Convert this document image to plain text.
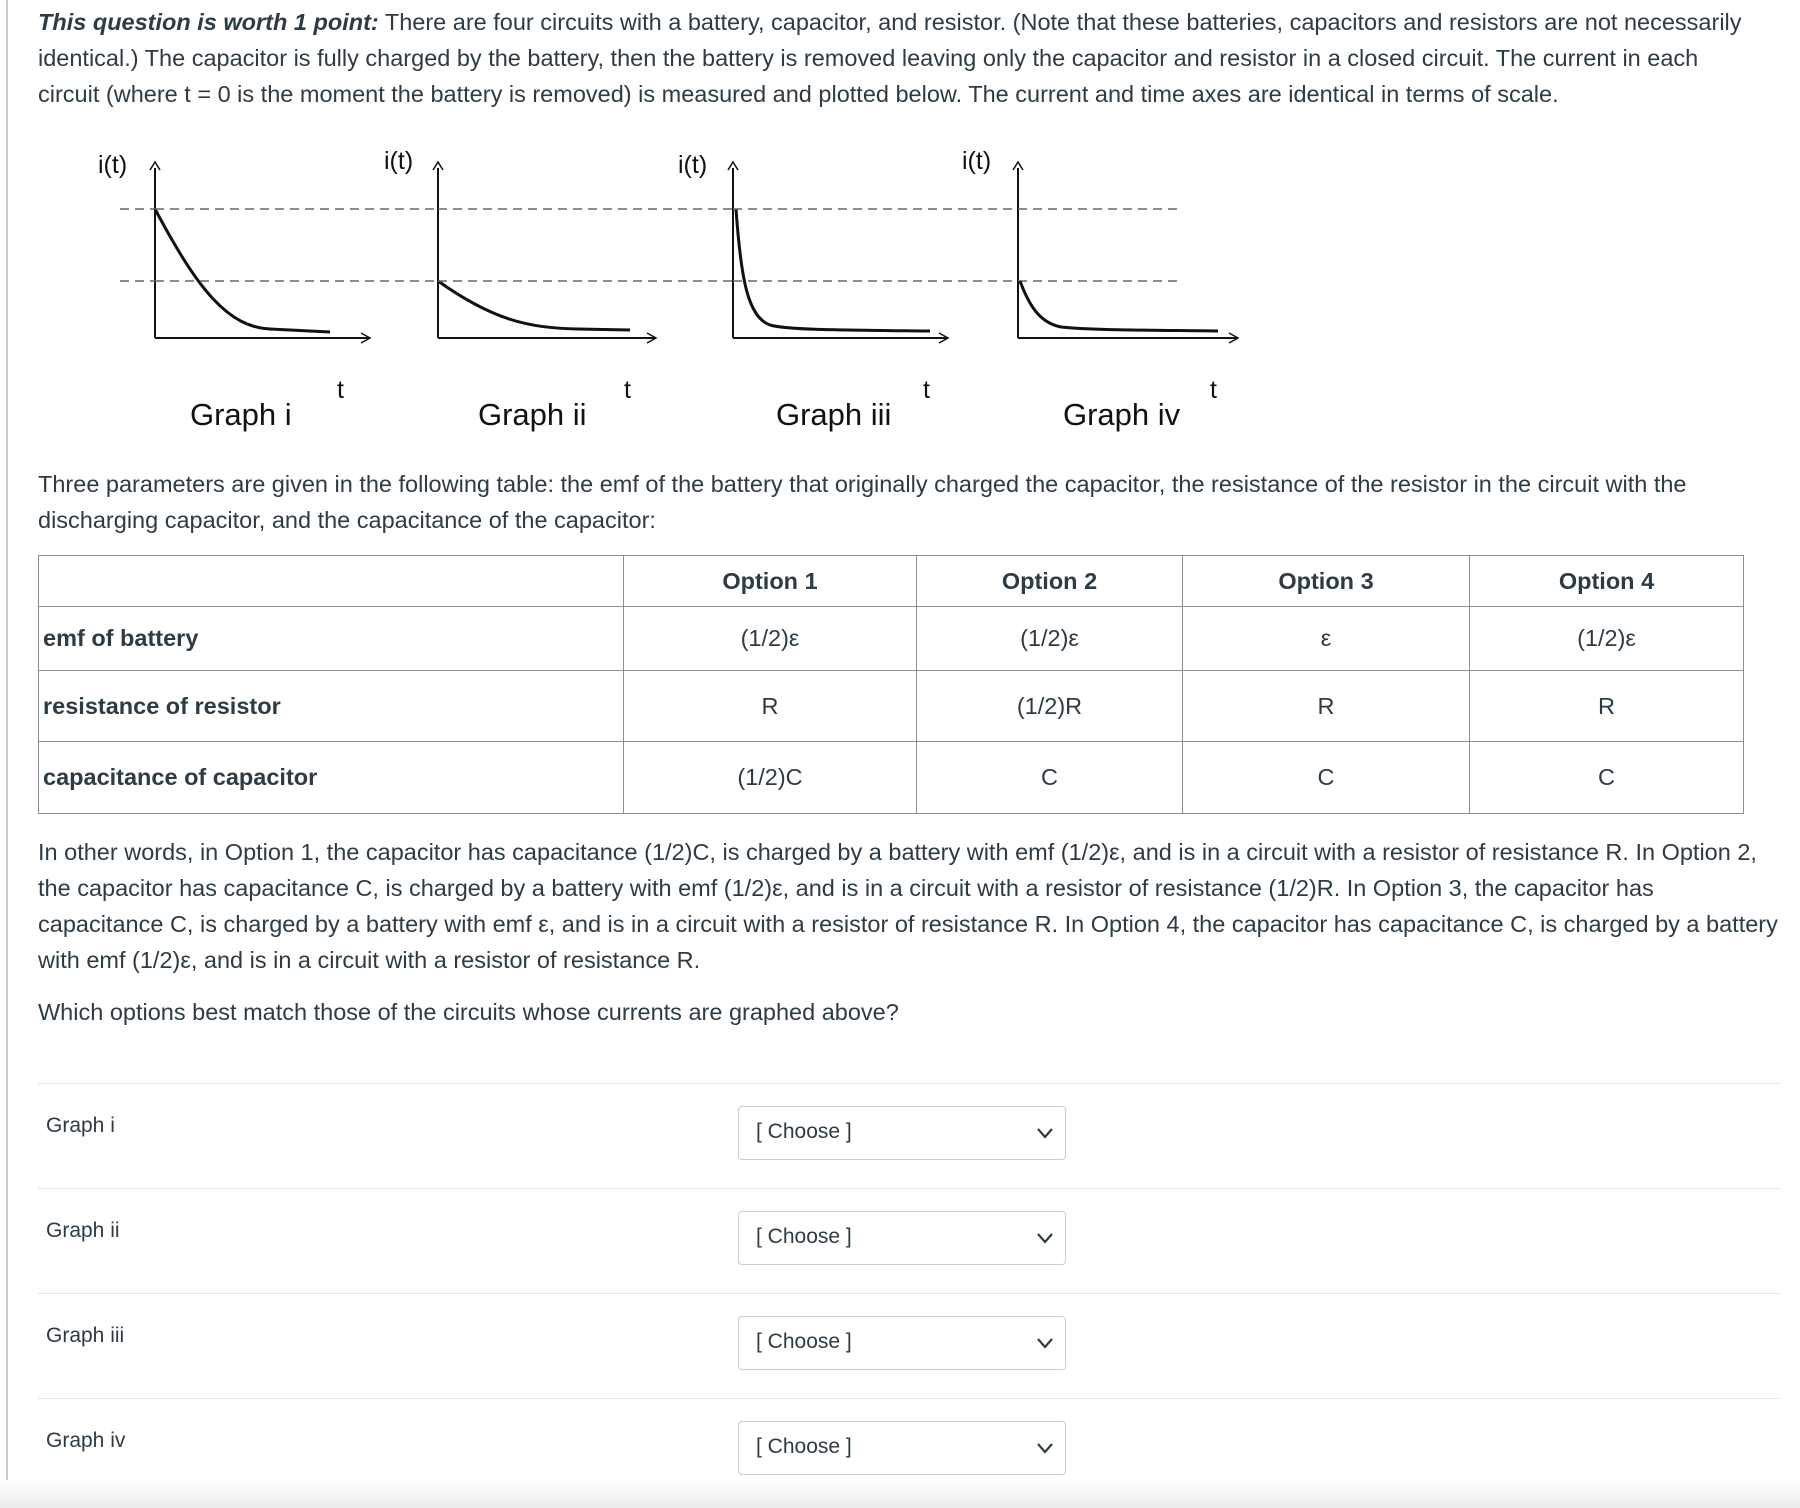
This question is worth 1 point: There are four circuits with a battery, capacitor, and resistor. (Note that these batteries, capacitors and resistors are not necessarily identical.) The capacitor is fully charged by the battery, then the battery is removed leaving only the capacitor and resistor in a closed circuit. The current in each circuit (where t = 0 is the moment the battery is removed) is measured and plotted below. The current and time axes are identical in terms of scale.

i(t)
t
Graph i
i(t)
t
Graph ii
i(t)
t
Graph iii
i(t)
t
Graph iv

Three parameters are given in the following table: the emf of the battery that originally charged the capacitor, the resistance of the resistor in the circuit with the discharging capacitor, and the capacitance of the capacitor:

	Option 1	Option 2	Option 3	Option 4
emf of battery	(1/2)ε	(1/2)ε	ε	(1/2)ε
resistance of resistor	R	(1/2)R	R	R
capacitance of capacitor	(1/2)C	C	C	C

In other words, in Option 1, the capacitor has capacitance (1/2)C, is charged by a battery with emf (1/2)ε, and is in a circuit with a resistor of resistance R. In Option 2, the capacitor has capacitance C, is charged by a battery with emf (1/2)ε, and is in a circuit with a resistor of resistance (1/2)R. In Option 3, the capacitor has capacitance C, is charged by a battery with emf ε, and is in a circuit with a resistor of resistance R. In Option 4, the capacitor has capacitance C, is charged by a battery with emf (1/2)ε, and is in a circuit with a resistor of resistance R.

Which options best match those of the circuits whose currents are graphed above?

Graph i	[ Choose ]
Graph ii	[ Choose ]
Graph iii	[ Choose ]
Graph iv	[ Choose ]
